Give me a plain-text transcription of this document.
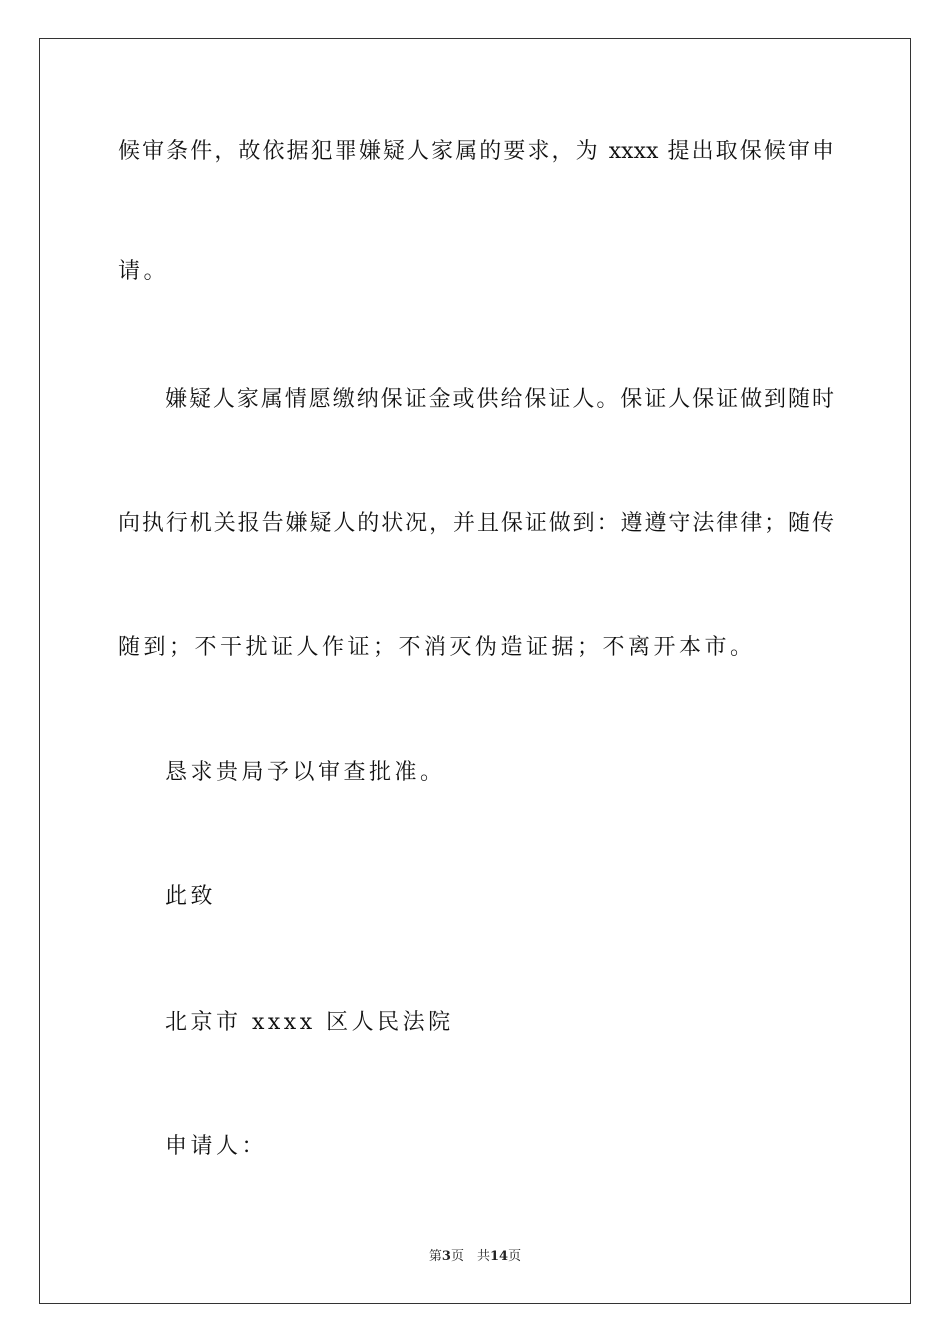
候审条件，故依据犯罪嫌疑人家属的要求，为 xxxx 提出取保候审申
请。
嫌疑人家属情愿缴纳保证金或供给保证人。保证人保证做到随时
向执行机关报告嫌疑人的状况，并且保证做到：遵遵守法律律；随传
随到；不干扰证人作证；不消灭伪造证据；不离开本市。
恳求贵局予以审查批准。
此致
北京市 xxxx 区人民法院
申请人：
第3页　共14页
